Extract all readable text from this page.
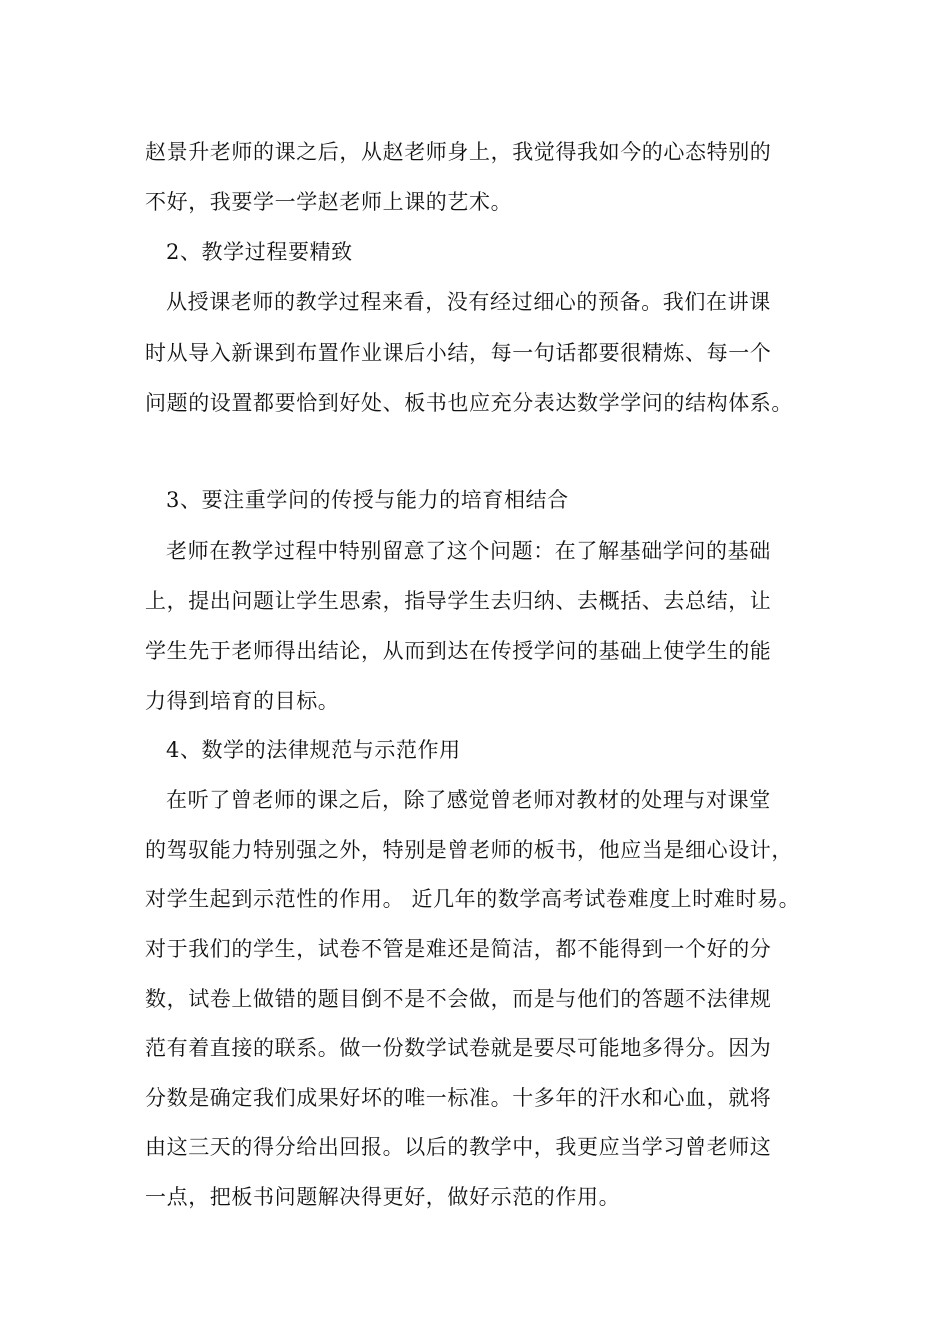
赵景升老师的课之后，从赵老师身上，我觉得我如今的心态特别的
不好，我要学一学赵老师上课的艺术。
2、教学过程要精致
从授课老师的教学过程来看，没有经过细心的预备。我们在讲课
时从导入新课到布置作业课后小结，每一句话都要很精炼、每一个
问题的设置都要恰到好处、板书也应充分表达数学学问的结构体系。
3、要注重学问的传授与能力的培育相结合
老师在教学过程中特别留意了这个问题：在了解基础学问的基础
上，提出问题让学生思索，指导学生去归纳、去概括、去总结，让
学生先于老师得出结论，从而到达在传授学问的基础上使学生的能
力得到培育的目标。
4、数学的法律规范与示范作用
在听了曾老师的课之后，除了感觉曾老师对教材的处理与对课堂
的驾驭能力特别强之外，特别是曾老师的板书，他应当是细心设计，
对学生起到示范性的作用。 近几年的数学高考试卷难度上时难时易。
对于我们的学生，试卷不管是难还是简洁，都不能得到一个好的分
数，试卷上做错的题目倒不是不会做，而是与他们的答题不法律规
范有着直接的联系。做一份数学试卷就是要尽可能地多得分。因为
分数是确定我们成果好坏的唯一标准。十多年的汗水和心血，就将
由这三天的得分给出回报。以后的教学中，我更应当学习曾老师这
一点，把板书问题解决得更好，做好示范的作用。
